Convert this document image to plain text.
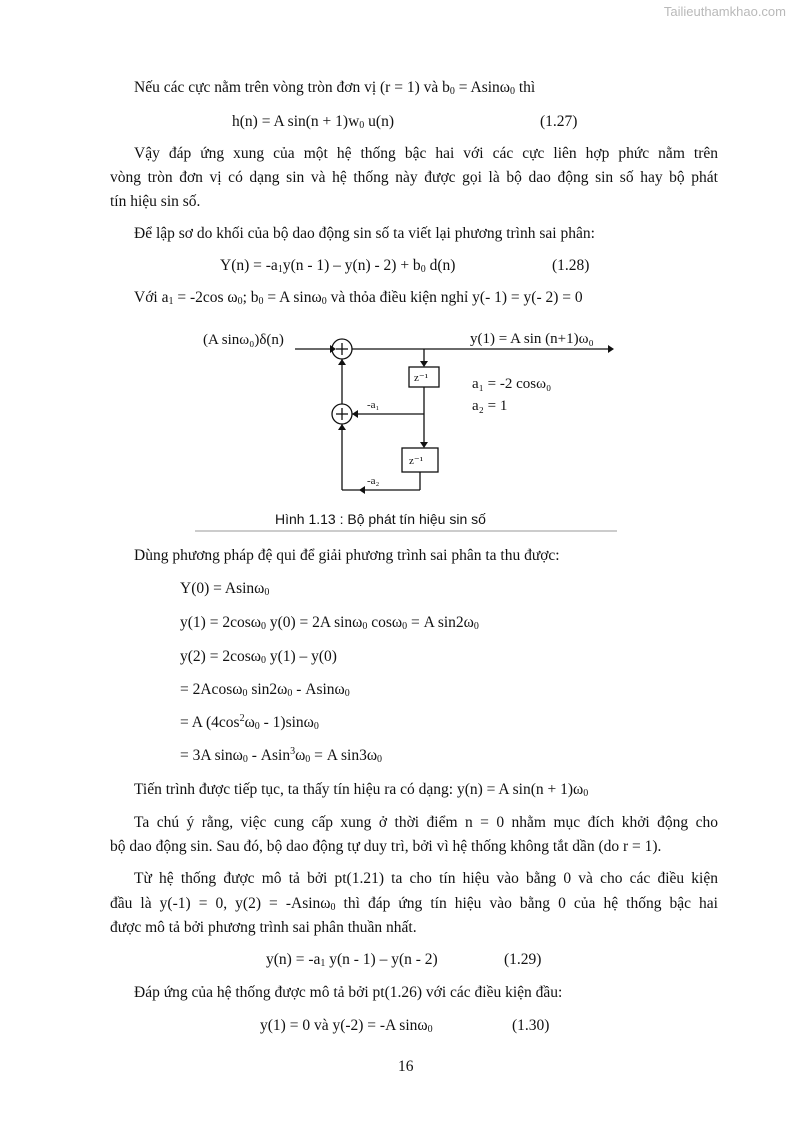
Tailieuthamkhao.com
Nếu các cực nằm trên vòng tròn đơn vị (r = 1) và $b_0 = Asin\omega_0$ thì
h(n) = A $\sin(n + 1)w_0$ u(n)	(1.27)
Vậy đáp ứng xung của một hệ thống bậc hai với các cực liên hợp phức nằm trên
vòng tròn đơn vị có dạng sin và hệ thống này được gọi là bộ dao động sin số hay bộ phát
tín hiệu sin số.
Để lập sơ do khối của bộ dao động sin số ta viết lại phương trình sai phân:
$Y(n) = -a_1y(n - 1) - y(n) - 2) + b_0$ d(n)	(1.28)
Với $a_1 = -2\cos$ $\omega_0$; $b_0 = A$ sinω$_0$ và thỏa điều kiện nghỉ y(- 1) = y(- 2) = 0
(A sinω₀)δ(n)	y(1) = A sin (n+1)ω₀
z⁻¹
z⁻¹
-a₁
-a₂
a₁ = -2 cosω₀
a₂ = 1
Hình 1.13 : Bộ phát tín hiệu sin số
Dùng phương pháp đệ qui để giải phương trình sai phân ta thu được:
Y(0) = Asinω$_0$
y(1) = 2cosω$_0$ y(0) = 2A sinω$_0$ cosω$_0$ = A $\sin 2\omega_0$
y(2) = 2cosω$_0$ y(1) – y(0)
= 2Acosω$_0$ $\sin 2\omega_0 - Asin\omega_0$
= A $(4\cos^2\omega_0 - 1)\sin\omega_0$
= 3A $\sin\omega_0 - Asin^3\omega_0 = A$ $\sin 3\omega_0$
Tiến trình được tiếp tục, ta thấy tín hiệu ra có dạng: y(n) = A $\sin(n + 1)\omega_0$
Ta chú ý rằng, việc cung cấp xung ở thời điểm n = 0 nhằm mục đích khởi động cho
bộ dao động sin. Sau đó, bộ dao động tự duy trì, bởi vì hệ thống không tắt dần (do r = 1).
Từ hệ thống được mô tả bởi pt(1.21) ta cho tín hiệu vào bằng 0 và cho các điều kiện
đầu là y(-1) = 0, y(2) = -Asinω$_0$ thì đáp ứng tín hiệu vào bằng 0 của hệ thống bậc hai
được mô tả bởi phương trình sai phân thuần nhất.
$y(n) = -a_1$ y(n - 1) – y(n - 2)	(1.29)
Đáp ứng của hệ thống được mô tả bởi pt(1.26) với các điều kiện đầu:
y(1) = 0 và y(-2) = -A sinω$_0$	(1.30)
16
